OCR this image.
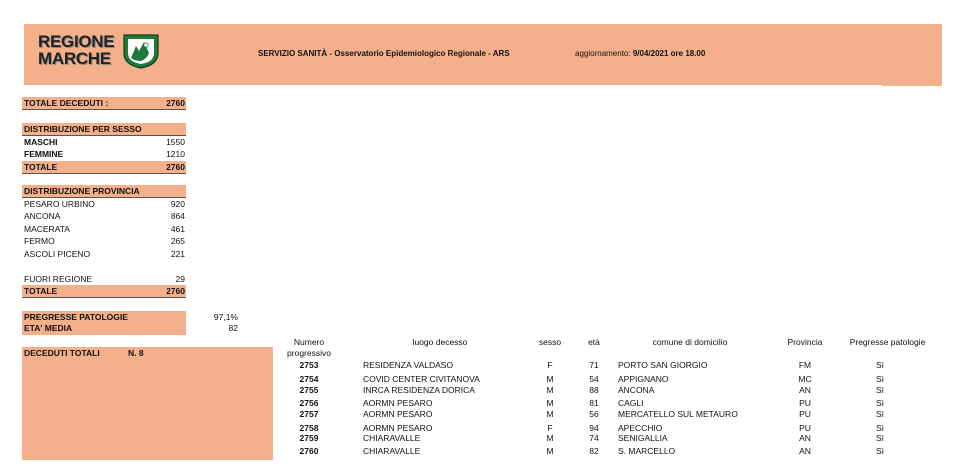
REGIONE
MARCHE	SERVIZIO SANITÀ - Osservatorio Epidemiologico Regionale - ARS	aggiornamento: 9/04/2021 ore 18.00
TOTALE DECEDUTI :	2760
DISTRIBUZIONE PER SESSO
MASCHI	1550
FEMMINE	1210
TOTALE	2760
DISTRIBUZIONE PROVINCIA
PESARO URBINO	920
ANCONA	864
MACERATA	461
FERMO	265
ASCOLI PICENO	221
FUORI REGIONE	29
TOTALE	2760
PREGRESSE PATOLOGIE	97,1%
ETA' MEDIA	82
DECEDUTI TOTALI	N. 8
Numero
progressivo
luogo decesso	sesso	età	comune di domicilio	Provincia	Pregresse patologie
2753	RESIDENZA VALDASO	F	71	PORTO SAN GIORGIO	FM	Sì
2754	COVID CENTER CIVITANOVA	M	54	APPIGNANO	MC	Sì
2755	INRCA RESIDENZA DORICA	M	88	ANCONA	AN	Sì
2756	AORMN PESARO	M	81	CAGLI	PU	Sì
2757	AORMN PESARO	M	56	MERCATELLO SUL METAURO	PU	Sì
2758	AORMN PESARO	F	94	APECCHIO	PU	Sì
2759	CHIARAVALLE	M	74	SENIGALLIA	AN	Sì
2760	CHIARAVALLE	M	82	S. MARCELLO	AN	Sì
